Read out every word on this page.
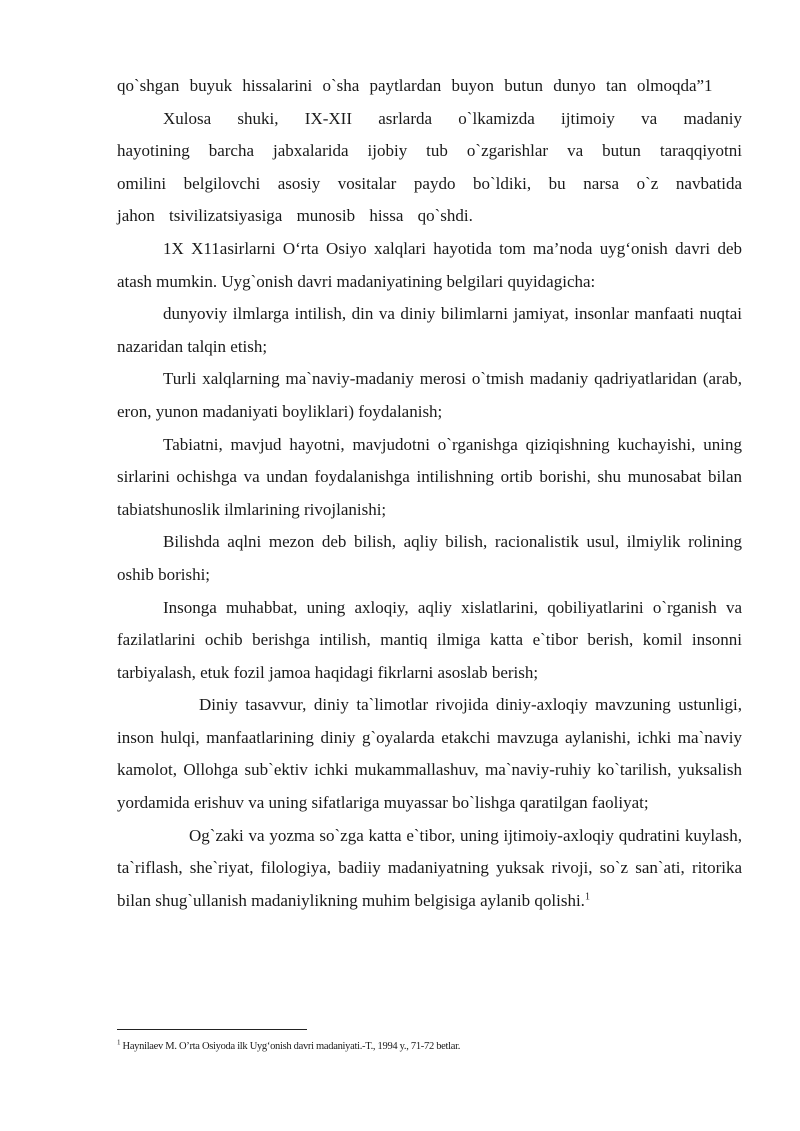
qo`shgan buyuk hissalarini o`sha paytlardan buyon butun dunyo tan olmoqda”1

Xulosa shuki, IX-XII asrlarda o`lkamizda ijtimoiy va madaniy hayotining barcha jabxalarida ijobiy tub o`zgarishlar va butun taraqqiyotni omilini belgilovchi asosiy vositalar paydo bo`ldiki, bu narsa o`z navbatida jahon tsivilizatsiyasiga munosib hissa qo`shdi.

1X X11asirlarni O‘rta Osiyo xalqlari hayotida tom ma’noda uyg‘onish davri deb atash mumkin. Uyg`onish davri madaniyatining belgilari quyidagicha:

dunyoviy ilmlarga intilish, din va diniy bilimlarni jamiyat, insonlar manfaati nuqtai nazaridan talqin etish;

Turli xalqlarning ma`naviy-madaniy merosi o`tmish madaniy qadriyatlaridan (arab, eron, yunon madaniyati boyliklari) foydalanish;

Tabiatni, mavjud hayotni, mavjudotni o`rganishga qiziqishning kuchayishi, uning sirlarini ochishga va undan foydalanishga intilishning ortib borishi, shu munosabat bilan tabiatshunoslik ilmlarining rivojlanishi;

Bilishda aqlni mezon deb bilish, aqliy bilish, racionalistik usul, ilmiylik rolining oshib borishi;

Insonga muhabbat, uning axloqiy, aqliy xislatlarini, qobiliyatlarini o`rganish va fazilatlarini ochib berishga intilish, mantiq ilmiga katta e`tibor berish, komil insonni tarbiyalash, etuk fozil jamoa haqidagi fikrlarni asoslab berish;

Diniy tasavvur, diniy ta`limotlar rivojida diniy-axloqiy mavzuning ustunligi, inson hulqi, manfaatlarining diniy g`oyalarda etakchi mavzuga aylanishi, ichki ma`naviy kamolot, Ollohga sub`ektiv ichki mukammallashuv, ma`naviy-ruhiy ko`tarilish, yuksalish yordamida erishuv va uning sifatlariga muyassar bo`lishga qaratilgan faoliyat;

Og`zaki va yozma so`zga katta e`tibor, uning ijtimoiy-axloqiy qudratini kuylash, ta`riflash, she`riyat, filologiya, badiiy madaniyatning yuksak rivoji, so`z san`ati, ritorika bilan shug`ullanish madaniylikning muhim belgisiga aylanib qolishi.$^1$

$^1$ Haynilaev M. O’rta Osiyoda ilk Uyg‘onish davri madaniyati.-T., 1994 y., 71-72 betlar.
